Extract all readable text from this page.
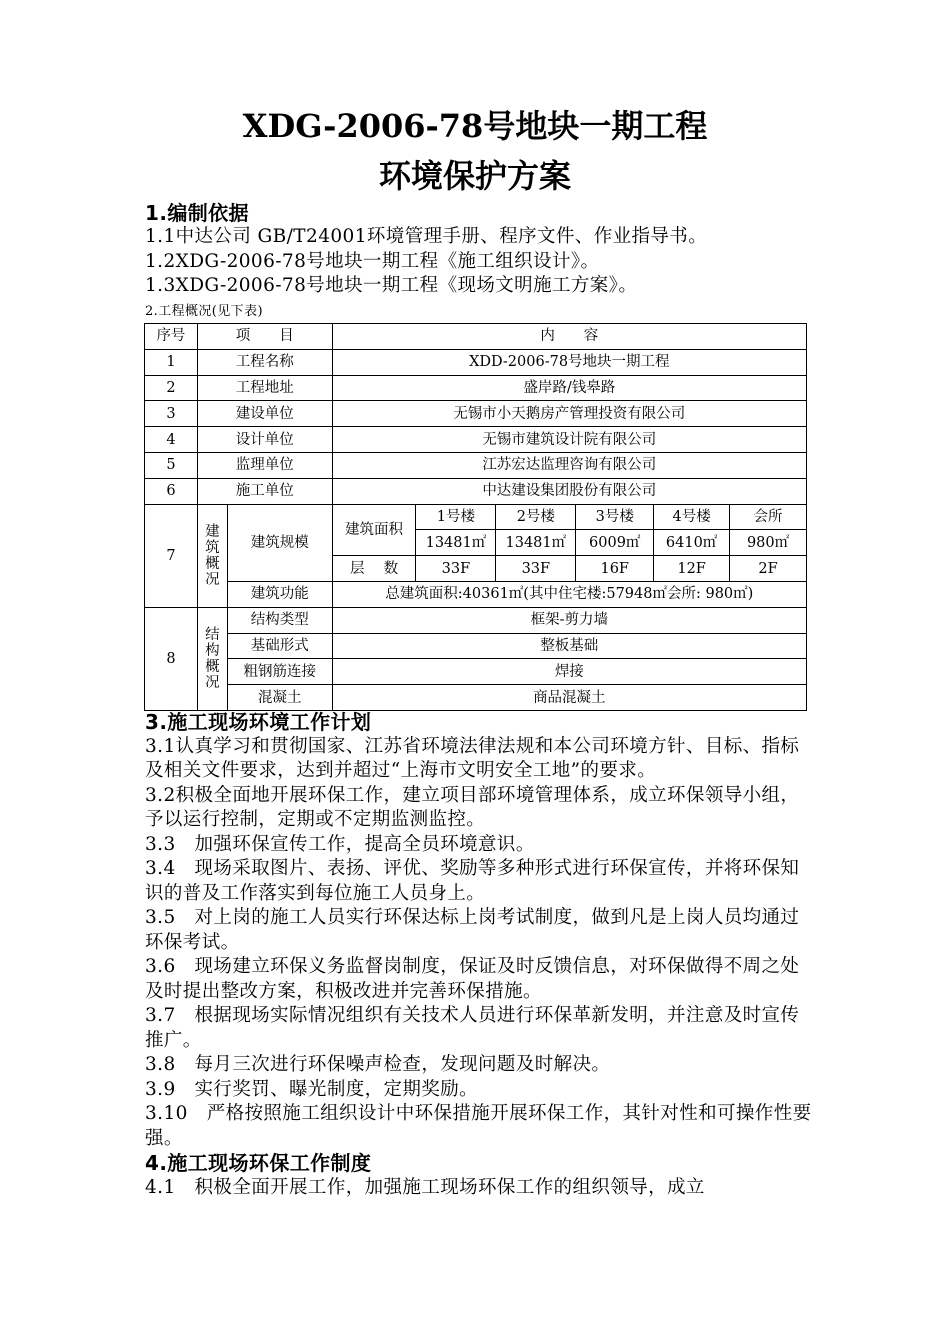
XDG-2006-78号地块一期工程
环境保护方案

1.编制依据

1.1中达公司 GB/T24001环境管理手册、程序文件、作业指导书。

1.2XDG-2006-78号地块一期工程《施工组织设计》。

1.3XDG-2006-78号地块一期工程《现场文明施工方案》。

2.工程概况(见下表)
序号	项　　目		内　　容					
1	工程名称		XDD-2006-78号地块一期工程					
2	工程地址		盛岸路/钱皋路					
3	建设单位		无锡市小天鹅房产管理投资有限公司					
4	设计单位		无锡市建筑设计院有限公司					
5	监理单位		江苏宏达监理咨询有限公司					
6	施工单位		中达建设集团股份有限公司					
7	建
筑
概
况	建筑规模	建筑面积	1号楼	2号楼	3号楼	4号楼	会所
				13481㎡	13481㎡	6009㎡	6410㎡	980㎡
			层　 数	33F	33F	16F	12F	2F
		建筑功能	总建筑面积:40361㎡(其中住宅楼:57948㎡会所: 980㎡)					
8	结
构
概
况	结构类型	框架-剪力墙					
		基础形式	整板基础					
		粗钢筋连接	焊接					
		混凝土	商品混凝土					

3.施工现场环境工作计划

3.1认真学习和贯彻国家、江苏省环境法律法规和本公司环境方针、目标、指标及相关文件要求，达到并超过“上海市文明安全工地”的要求。

3.2积极全面地开展环保工作，建立项目部环境管理体系，成立环保领导小组，予以运行控制，定期或不定期监测监控。

3.3　加强环保宣传工作，提高全员环境意识。

3.4　现场采取图片、表扬、评优、奖励等多种形式进行环保宣传，并将环保知识的普及工作落实到每位施工人员身上。

3.5　对上岗的施工人员实行环保达标上岗考试制度，做到凡是上岗人员均通过环保考试。

3.6　现场建立环保义务监督岗制度，保证及时反馈信息，对环保做得不周之处及时提出整改方案，积极改进并完善环保措施。

3.7　根据现场实际情况组织有关技术人员进行环保革新发明，并注意及时宣传推广。

3.8　每月三次进行环保噪声检查，发现问题及时解决。

3.9　实行奖罚、曝光制度，定期奖励。

3.10　严格按照施工组织设计中环保措施开展环保工作，其针对性和可操作性要强。

4.施工现场环保工作制度

4.1　积极全面开展工作，加强施工现场环保工作的组织领导，成立
